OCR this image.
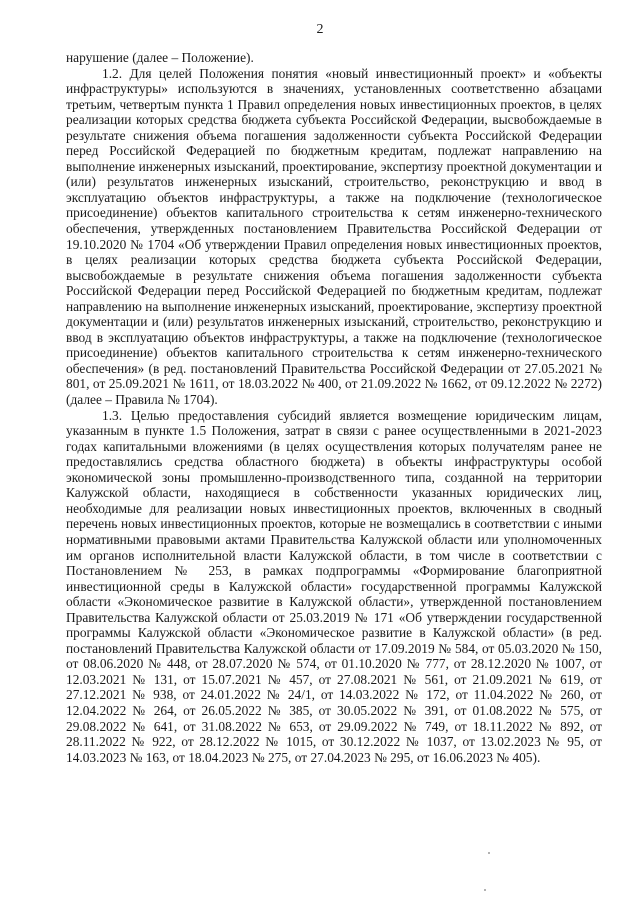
2

нарушение (далее – Положение).

1.2. Для целей Положения понятия «новый инвестиционный проект» и «объекты инфраструктуры» используются в значениях, установленных соответственно абзацами третьим, четвертым пункта 1 Правил определения новых инвестиционных проектов, в целях реализации которых средства бюджета субъекта Российской Федерации, высвобождаемые в результате снижения объема погашения задолженности субъекта Российской Федерации перед Российской Федерацией по бюджетным кредитам, подлежат направлению на выполнение инженерных изысканий, проектирование, экспертизу проектной документации и (или) результатов инженерных изысканий, строительство, реконструкцию и ввод в эксплуатацию объектов инфраструктуры, а также на подключение (технологическое присоединение) объектов капитального строительства к сетям инженерно-технического обеспечения, утвержденных постановлением Правительства Российской Федерации от 19.10.2020 № 1704 «Об утверждении Правил определения новых инвестиционных проектов, в целях реализации которых средства бюджета субъекта Российской Федерации, высвобождаемые в результате снижения объема погашения задолженности субъекта Российской Федерации перед Российской Федерацией по бюджетным кредитам, подлежат направлению на выполнение инженерных изысканий, проектирование, экспертизу проектной документации и (или) результатов инженерных изысканий, строительство, реконструкцию и ввод в эксплуатацию объектов инфраструктуры, а также на подключение (технологическое присоединение) объектов капитального строительства к сетям инженерно-технического обеспечения» (в ред. постановлений Правительства Российской Федерации от 27.05.2021 № 801, от 25.09.2021 № 1611, от 18.03.2022 № 400, от 21.09.2022 № 1662, от 09.12.2022 № 2272) (далее – Правила № 1704).

1.3. Целью предоставления субсидий является возмещение юридическим лицам, указанным в пункте 1.5 Положения, затрат в связи с ранее осуществленными в 2021-2023 годах капитальными вложениями (в целях осуществления которых получателям ранее не предоставлялись средства областного бюджета) в объекты инфраструктуры особой экономической зоны промышленно-производственного типа, созданной на территории Калужской области, находящиеся в собственности указанных юридических лиц, необходимые для реализации новых инвестиционных проектов, включенных в сводный перечень новых инвестиционных проектов, которые не возмещались в соответствии с иными нормативными правовыми актами Правительства Калужской области или уполномоченных им органов исполнительной власти Калужской области, в том числе в соответствии с Постановлением № 253, в рамках подпрограммы «Формирование благоприятной инвестиционной среды в Калужской области» государственной программы Калужской области «Экономическое развитие в Калужской области», утвержденной постановлением Правительства Калужской области от 25.03.2019 № 171 «Об утверждении государственной программы Калужской области «Экономическое развитие в Калужской области» (в ред. постановлений Правительства Калужской области от 17.09.2019 № 584, от 05.03.2020 № 150, от 08.06.2020 № 448, от 28.07.2020 № 574, от 01.10.2020 № 777, от 28.12.2020 № 1007, от 12.03.2021 № 131, от 15.07.2021 № 457, от 27.08.2021 № 561, от 21.09.2021 № 619, от 27.12.2021 № 938, от 24.01.2022 № 24/1, от 14.03.2022 № 172, от 11.04.2022 № 260, от 12.04.2022 № 264, от 26.05.2022 № 385, от 30.05.2022 № 391, от 01.08.2022 № 575, от 29.08.2022 № 641, от 31.08.2022 № 653, от 29.09.2022 № 749, от 18.11.2022 № 892, от 28.11.2022 № 922, от 28.12.2022 № 1015, от 30.12.2022 № 1037, от 13.02.2023 № 95, от 14.03.2023 № 163, от 18.04.2023 № 275, от 27.04.2023 № 295, от 16.06.2023 № 405).
